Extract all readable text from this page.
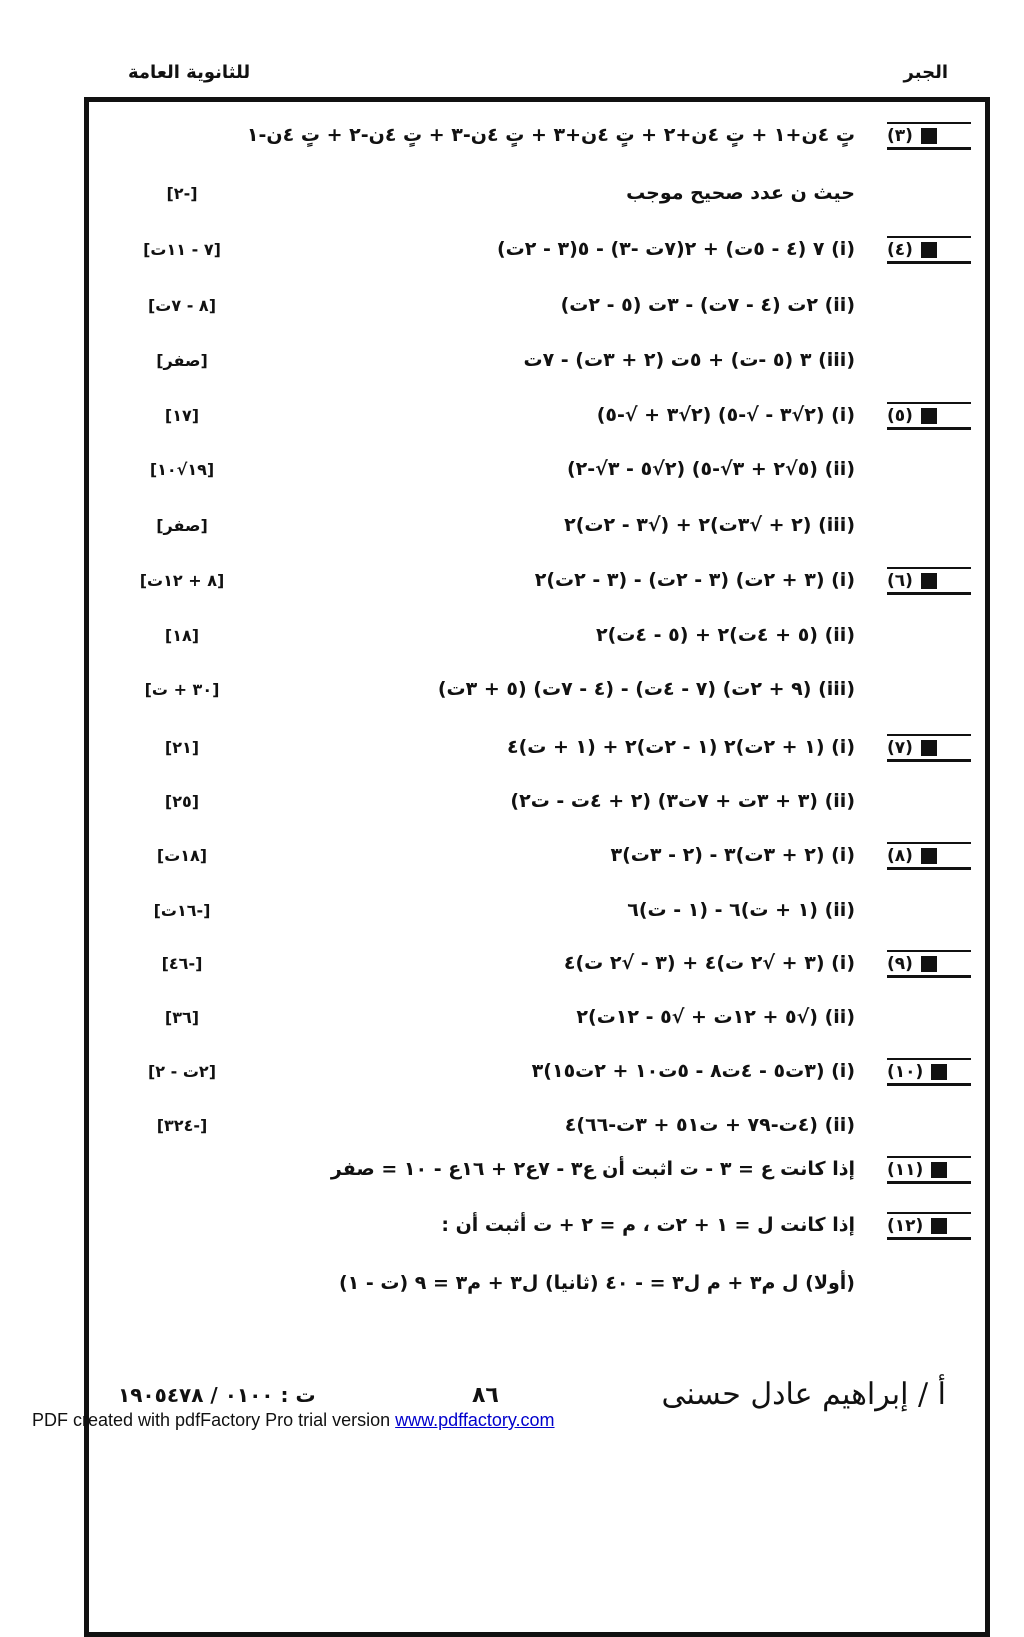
للثانوية العامة	الجبر
(٣)
تٍ ٤ن+١ + تٍ ٤ن+٢ + تٍ ٤ن+٣ + تٍ ٤ن-٣ + تٍ ٤ن-٢ + تٍ ٤ن-١
حيث ن عدد صحيح موجب
[ -٢ ]
(٤)
(i) ٧ (٤ - ٥ت) + ٢(٧ت -٣) - ٥(٣ - ٢ت)
[ ٧ - ١١ت ]
(ii) ٢ت (٤ - ٧ت) - ٣ت (٥ - ٢ت)
[ ٨ - ٧ت ]
(iii) ٣ (٥ -ت) + ٥ت (٢ + ٣ت) - ٧ت
[ صفر ]
(٥)
(i) (٢√٣ - √-٥) (٢√٣ + √-٥)
[ ١٧ ]
(ii) (٥√٢ + ٣√-٥) (٢√٥ - ٣√-٢)
[ ١٩√١٠ ]
(iii) (٢ + √٣ت)٢ + (√٣ - ٢ت)٢
[ صفر ]
(٦)
(i) (٣ + ٢ت) (٣ - ٢ت) - (٣ - ٢ت)٢
[ ٨ + ١٢ت ]
(ii) (٥ + ٤ت)٢ + (٥ - ٤ت)٢
[ ١٨ ]
(iii) (٩ + ٢ت) (٧ - ٤ت) - (٤ - ٧ت) (٥ + ٣ت)
[ ٣٠ + ت ]
(٧)
(i) (١ + ٢ت)٢ (١ - ٢ت)٢ + (١ + ت)٤
[ ٢١ ]
(ii) (٣ + ٣ت + ٧ت٣) (٢ + ٤ت - ت٢)
[ ٢٥ ]
(٨)
(i) (٢ + ٣ت)٣ - (٢ - ٣ت)٣
[ ١٨ت ]
(ii) (١ + ت)٦ - (١ - ت)٦
[ -١٦ت ]
(٩)
(i) (٣ + √٢ ت)٤ + (٣ - √٢ ت)٤
[ -٤٦ ]
(ii) (√٥ + ١٢ت + √٥ - ١٢ت)٢
[ ٣٦ ]
(١٠)
(i) (٣ت٥ - ٤ت٨ - ٥ت١٠ + ٢ت١٥)٣
[ ٢ت - ٢ ]
(ii) (٤ت-٧٩ + ت٥١ + ٣ت-٦٦)٤
[ -٣٢٤ ]
(١١)
إذا كانت ع = ٣ - ت اثبت أن ع٣ - ٧ع٢ + ١٦ع - ١٠ = صفر
(١٢)
إذا كانت ل = ١ + ٢ت ، م = ٢ + ت أثبت أن :
(أولا) ل م٣ + م ل٣ = - ٤٠ (ثانيا) ل٣ + م٣ = ٩ (ت - ١)
أ / إبراهيم عادل حسنى
٨٦
ت : ٠١٠٠ / ١٩٠٥٤٧٨
PDF created with pdfFactory Pro trial version www.pdffactory.com
